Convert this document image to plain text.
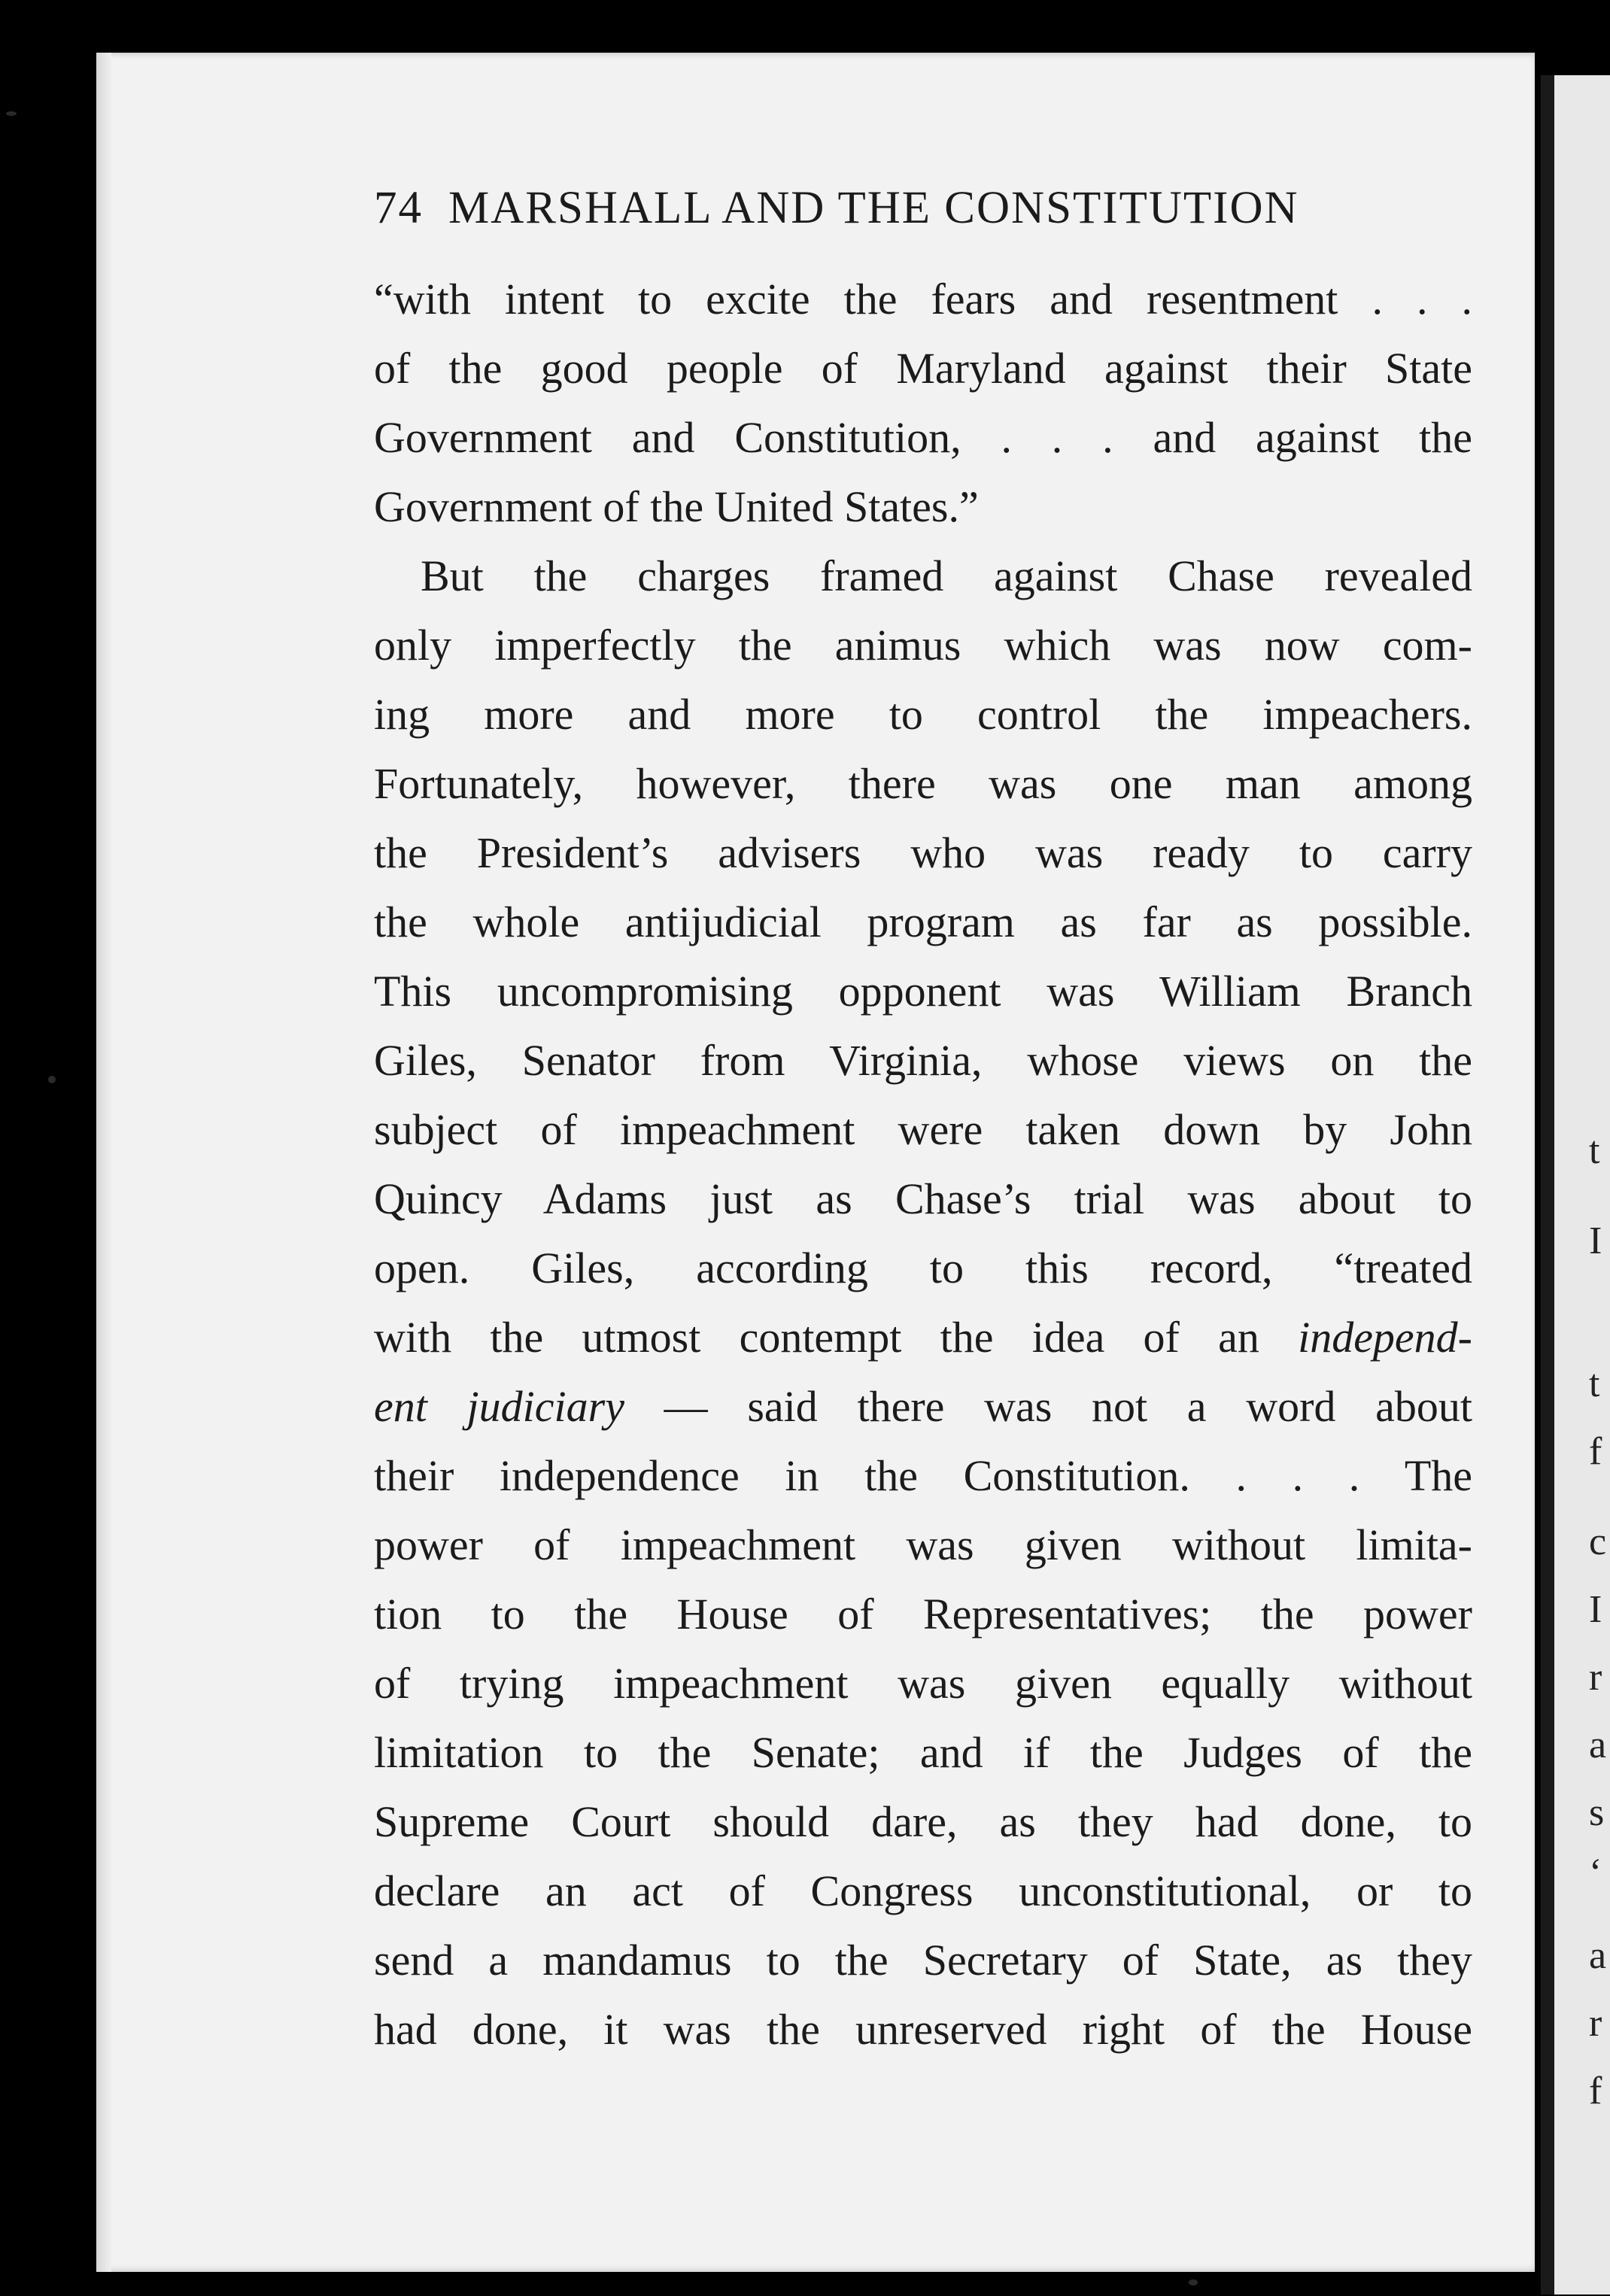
t
I
t
f
c
I
r
a
s
‘
a
r
f
74 MARSHALL AND THE CONSTITUTION
“with intent to excite the fears and resentment . . .
of the good people of Maryland against their State
Government and Constitution, . . . and against the
Government of the United States.”
But the charges framed against Chase revealed
only imperfectly the animus which was now com-
ing more and more to control the impeachers.
Fortunately, however, there was one man among
the President’s advisers who was ready to carry
the whole antijudicial program as far as possible.
This uncompromising opponent was William Branch
Giles, Senator from Virginia, whose views on the
subject of impeachment were taken down by John
Quincy Adams just as Chase’s trial was about to
open. Giles, according to this record, “treated
with the utmost contempt the idea of an independ-
ent judiciary — said there was not a word about
their independence in the Constitution. . . . The
power of impeachment was given without limita-
tion to the House of Representatives; the power
of trying impeachment was given equally without
limitation to the Senate; and if the Judges of the
Supreme Court should dare, as they had done, to
declare an act of Congress unconstitutional, or to
send a mandamus to the Secretary of State, as they
had done, it was the unreserved right of the House
